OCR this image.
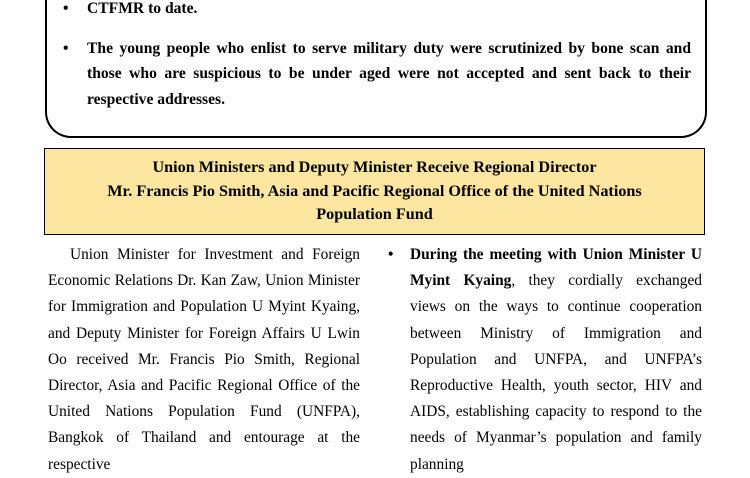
• CTFMR to date.
• The young people who enlist to serve military duty were scrutinized by bone scan and those who are suspicious to be under aged were not accepted and sent back to their respective addresses.
Union Ministers and Deputy Minister Receive Regional Director
Mr. Francis Pio Smith, Asia and Pacific Regional Office of the United Nations
Population Fund
Union Minister for Investment and Foreign Economic Relations Dr. Kan Zaw, Union Minister for Immigration and Population U Myint Kyaing, and Deputy Minister for Foreign Affairs U Lwin Oo received Mr. Francis Pio Smith, Regional Director, Asia and Pacific Regional Office of the United Nations Population Fund (UNFPA), Bangkok of Thailand and entourage at the respective
• During the meeting with Union Minister U Myint Kyaing, they cordially exchanged views on the ways to continue cooperation between Ministry of Immigration and Population and UNFPA, and UNFPA’s Reproductive Health, youth sector, HIV and AIDS, establishing capacity to respond to the needs of Myanmar’s population and family planning
